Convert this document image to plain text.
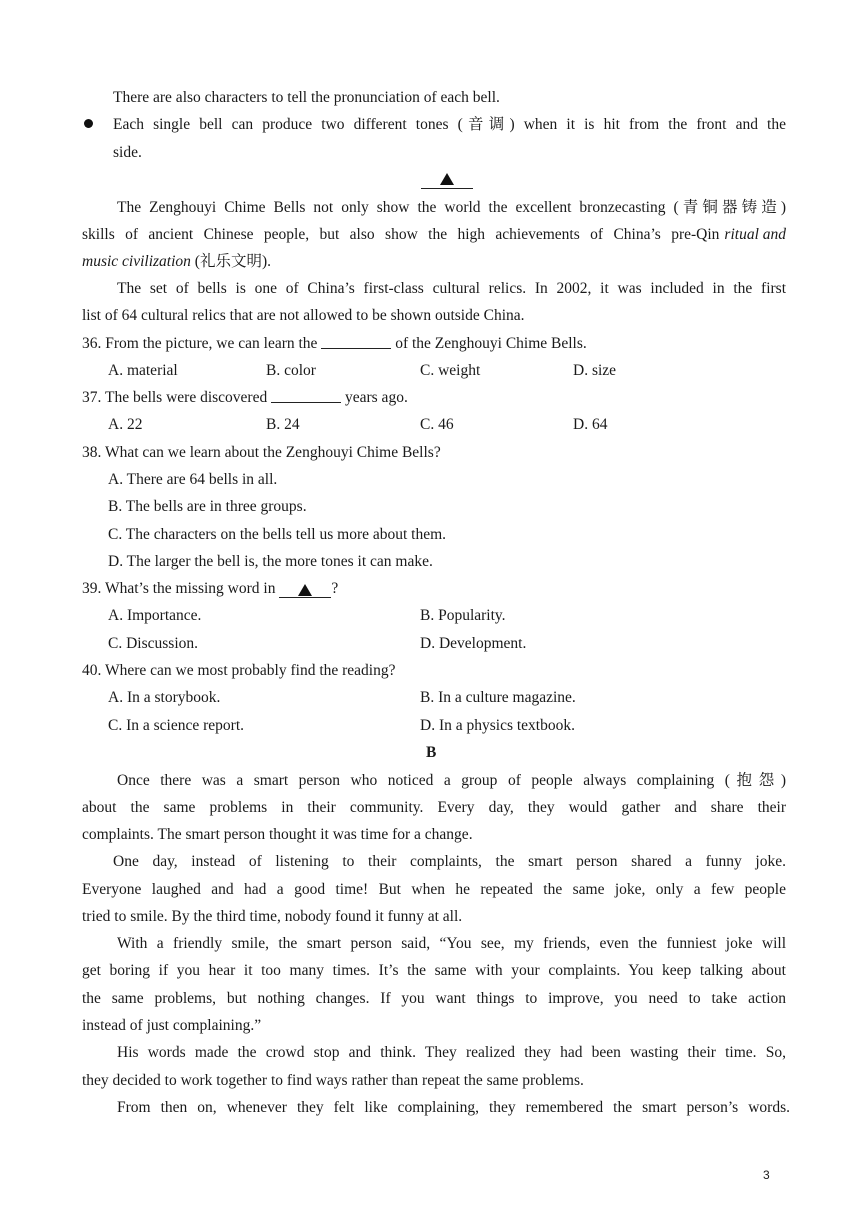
There are also characters to tell the pronunciation of each bell.
Each single bell can produce two different tones (音调) when it is hit from the front and the
side.
The Zenghouyi Chime Bells not only show the world the excellent bronzecasting (青铜器铸造)
skills of ancient Chinese people, but also show the high achievements of China’s pre-Qin ritual and
music civilization (礼乐文明).
The set of bells is one of China’s first-class cultural relics. In 2002, it was included in the first
list of 64 cultural relics that are not allowed to be shown outside China.
36. From the picture, we can learn the	of the Zenghouyi Chime Bells.
A. material	B. color	C. weight	D. size
37. The bells were discovered	years ago.
A. 22	B. 24	C. 46	D. 64
38. What can we learn about the Zenghouyi Chime Bells?
A. There are 64 bells in all.
B. The bells are in three groups.
C. The characters on the bells tell us more about them.
D. The larger the bell is, the more tones it can make.
39. What’s the missing word in	?
A. Importance.	B. Popularity.
C. Discussion.	D. Development.
40. Where can we most probably find the reading?
A. In a storybook.	B. In a culture magazine.
C. In a science report.	D. In a physics textbook.
B
Once there was a smart person who noticed a group of people always complaining (抱怨)
about the same problems in their community. Every day, they would gather and share their
complaints. The smart person thought it was time for a change.
One day, instead of listening to their complaints, the smart person shared a funny joke.
Everyone laughed and had a good time! But when he repeated the same joke, only a few people
tried to smile. By the third time, nobody found it funny at all.
With a friendly smile, the smart person said, “You see, my friends, even the funniest joke will
get boring if you hear it too many times. It’s the same with your complaints. You keep talking about
the same problems, but nothing changes. If you want things to improve, you need to take action
instead of just complaining.”
His words made the crowd stop and think. They realized they had been wasting their time. So,
they decided to work together to find ways rather than repeat the same problems.
From then on, whenever they felt like complaining, they remembered the smart person’s words.
3
